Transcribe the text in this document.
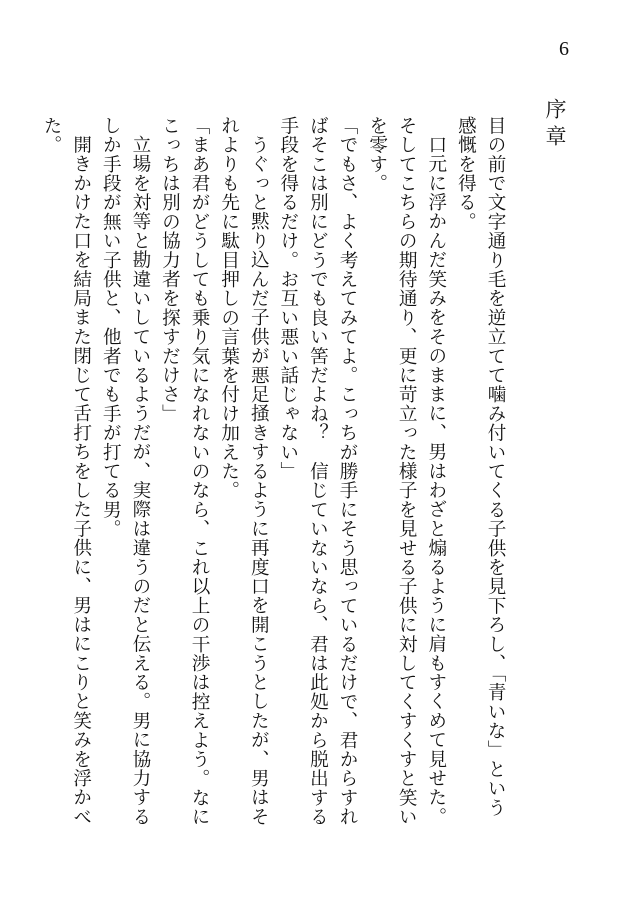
6
序章

目の前で文字通り毛を逆立てて噛み付いてくる子供を見下ろし、「青いな」という感慨を得る。

口元に浮かんだ笑みをそのままに、男はわざと煽るように肩もすくめて見せた。そしてこちらの期待通り、更に苛立った様子を見せる子供に対してくすくすと笑いを零す。

「でもさ、よく考えてみてよ。こっちが勝手にそう思っているだけで、君からすればそこは別にどうでも良い筈だよね？　信じていないなら、君は此処から脱出する手段を得るだけ。お互い悪い話じゃない」

うぐっと黙り込んだ子供が悪足掻きするように再度口を開こうとしたが、男はそれよりも先に駄目押しの言葉を付け加えた。

「まあ君がどうしても乗り気になれないのなら、これ以上の干渉は控えよう。なにこっちは別の協力者を探すだけさ」

立場を対等と勘違いしているようだが、実際は違うのだと伝える。男に協力するしか手段が無い子供と、他者でも手が打てる男。

開きかけた口を結局また閉じて舌打ちをした子供に、男はにこりと笑みを浮かべた。
